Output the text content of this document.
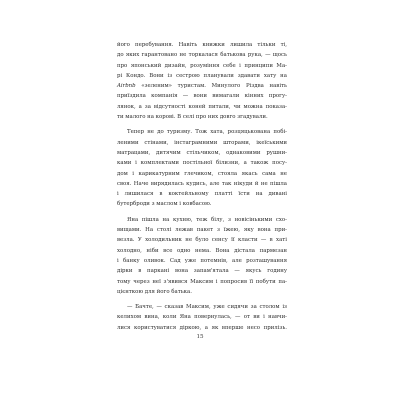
його перебування. Навіть книжки лишила тільки ті,
до яких гарантовано не торкалася батькова рука, — щось
про японський дизайн, розуміння себе і принципи Ма-
рі Кондо. Вони із сестрою планували здавати хату на
Airbnb «зеленим» туристам. Минулого Різдва навіть
приїздила компанія — вони вимагали кінних прогу-
лянок, а за відсутності коней питали, чи можна показа-
ти малого на корові. В селі про них довго згадували.
Тепер не до туризму. Тож хата, розцяцькована побі-
леними стінами, інстаграмними шторами, ікеїськими
матрацами, дитячим стільчиком, однаковими рушни-
ками і комплектами постільної білизни, а також посу-
дом і карикатурним глечиком, стояла якась сама не
своя. Наче вирядилась кудись, але так нікуди й не пішла
і лишилася в коктейльному платті їсти на дивані
бутерброди з маслом і ковбасою.
Яна пішла на кухню, теж білу, з новісінькими схо-
вищами. На столі лежав пакет з їжею, яку вона при-
везла. У холодильник не було сенсу її класти — в хаті
холодно, ніби все одно нема. Вона дістала пармезан
і банку оливок. Сад уже потемнів, але розташування
дірки в паркані вона запам'ятала — якусь годину
тому через неї з'явився Максим і попросив її побути па-
цієнткою для його батька.
— Бачте, — сказав Максим, уже сидячи за столом із
келихом вина, коли Яна повернулась, — от ви і навчи-
лися користуватися діркою, а як вперше несо прилізь.
15
